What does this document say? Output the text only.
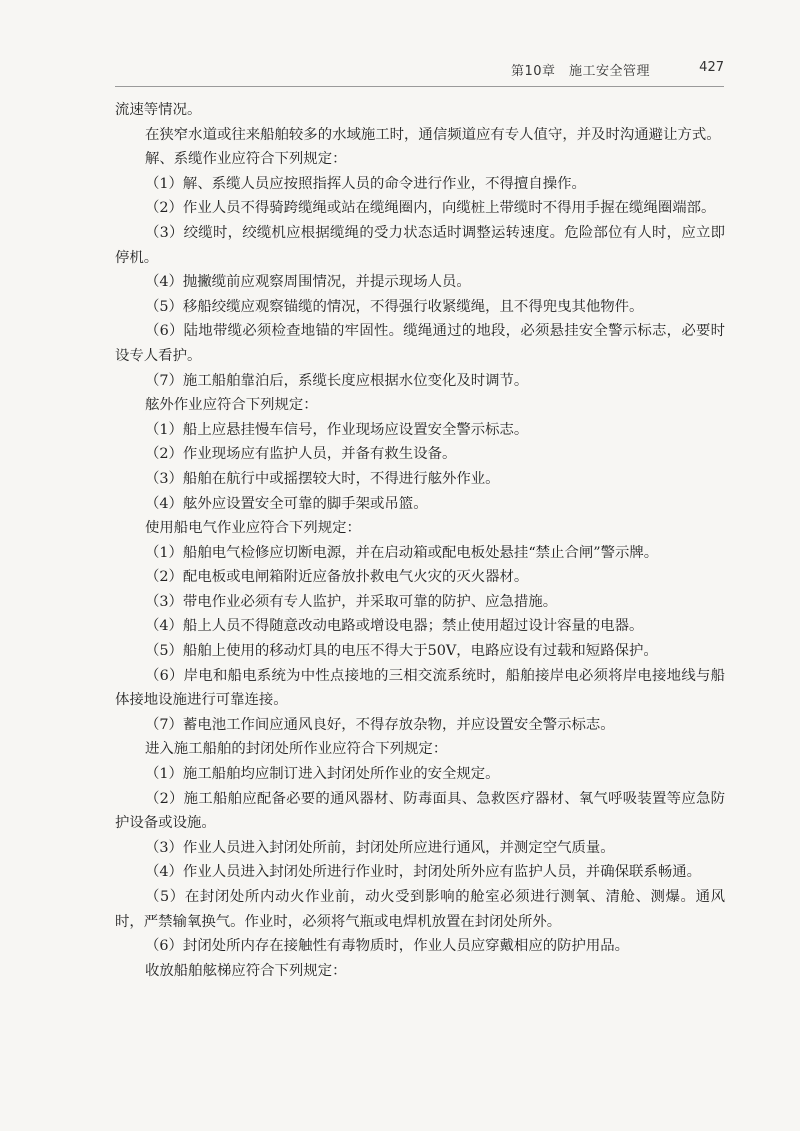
第10章　施工安全管理	427

流速等情况。

在狭窄水道或往来船舶较多的水域施工时，通信频道应有专人值守，并及时沟通避让方式。

解、系缆作业应符合下列规定：

（1）解、系缆人员应按照指挥人员的命令进行作业，不得擅自操作。

（2）作业人员不得骑跨缆绳或站在缆绳圈内，向缆桩上带缆时不得用手握在缆绳圈端部。

（3）绞缆时，绞缆机应根据缆绳的受力状态适时调整运转速度。危险部位有人时，应立即停机。

（4）抛撇缆前应观察周围情况，并提示现场人员。

（5）移船绞缆应观察锚缆的情况，不得强行收紧缆绳，且不得兜曳其他物件。

（6）陆地带缆必须检查地锚的牢固性。缆绳通过的地段，必须悬挂安全警示标志，必要时设专人看护。

（7）施工船舶靠泊后，系缆长度应根据水位变化及时调节。

舷外作业应符合下列规定：

（1）船上应悬挂慢车信号，作业现场应设置安全警示标志。

（2）作业现场应有监护人员，并备有救生设备。

（3）船舶在航行中或摇摆较大时，不得进行舷外作业。

（4）舷外应设置安全可靠的脚手架或吊篮。

使用船电气作业应符合下列规定：

（1）船舶电气检修应切断电源，并在启动箱或配电板处悬挂“禁止合闸”警示牌。

（2）配电板或电闸箱附近应备放扑救电气火灾的灭火器材。

（3）带电作业必须有专人监护，并采取可靠的防护、应急措施。

（4）船上人员不得随意改动电路或增设电器；禁止使用超过设计容量的电器。

（5）船舶上使用的移动灯具的电压不得大于50V，电路应设有过载和短路保护。

（6）岸电和船电系统为中性点接地的三相交流系统时，船舶接岸电必须将岸电接地线与船体接地设施进行可靠连接。

（7）蓄电池工作间应通风良好，不得存放杂物，并应设置安全警示标志。

进入施工船舶的封闭处所作业应符合下列规定：

（1）施工船舶均应制订进入封闭处所作业的安全规定。

（2）施工船舶应配备必要的通风器材、防毒面具、急救医疗器材、氧气呼吸装置等应急防护设备或设施。

（3）作业人员进入封闭处所前，封闭处所应进行通风，并测定空气质量。

（4）作业人员进入封闭处所进行作业时，封闭处所外应有监护人员，并确保联系畅通。

（5）在封闭处所内动火作业前，动火受到影响的舱室必须进行测氧、清舱、测爆。通风时，严禁输氧换气。作业时，必须将气瓶或电焊机放置在封闭处所外。

（6）封闭处所内存在接触性有毒物质时，作业人员应穿戴相应的防护用品。

收放船舶舷梯应符合下列规定：
